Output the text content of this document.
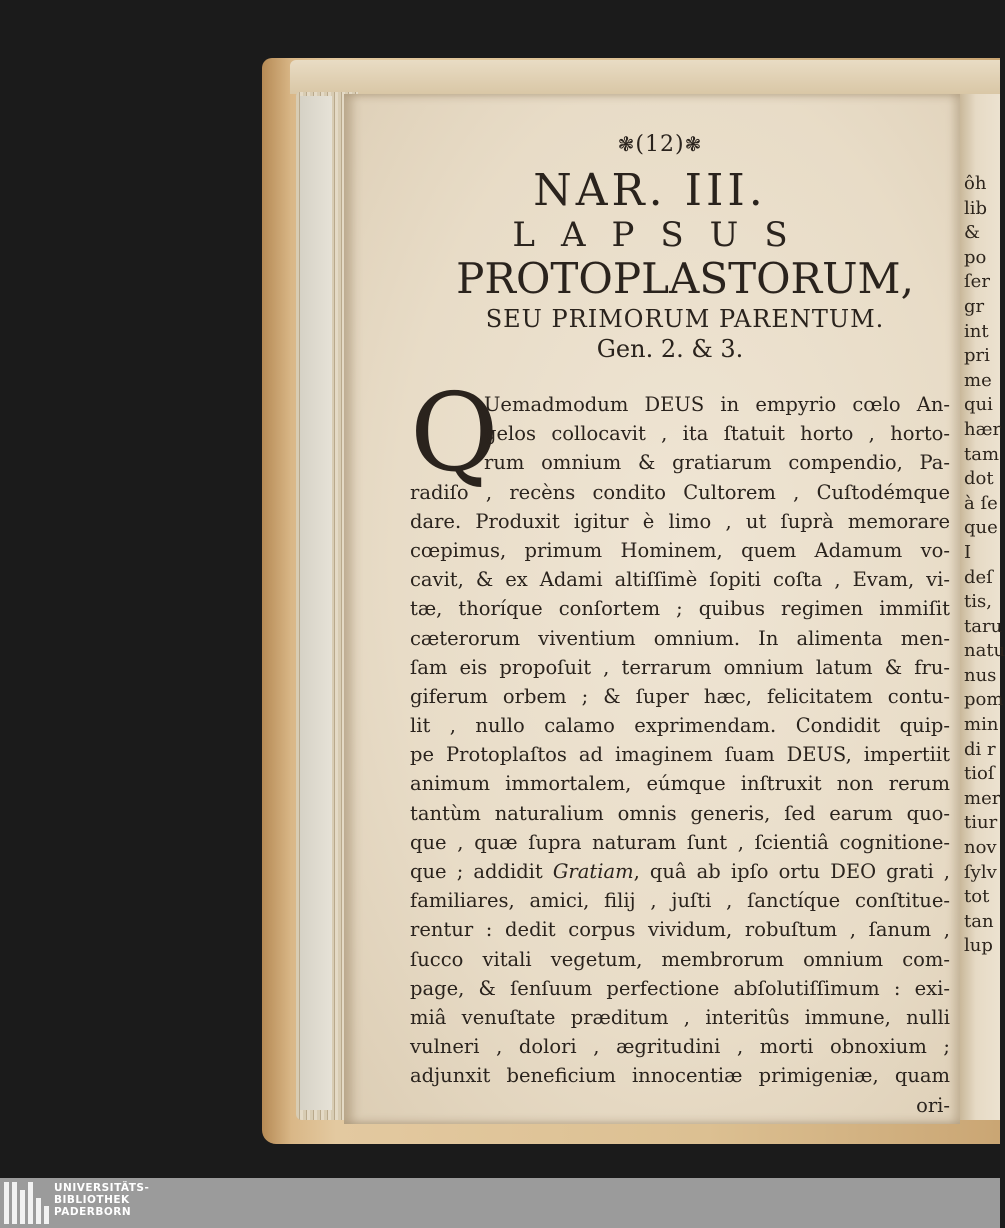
ôh
lib
&
po
ſer
gr
int
pri
me
qui
hær
tam
dot
à ſe
que
I
deſ
tis,
taru
natu
nus
pom
min
di r
tioſ
mer
tiur
nov
ſylv
tot
tan
lup
❃(12)❃
NAR. III.
LAPSUS
PROTOPLASTORUM,
SEU PRIMORUM PARENTUM.
Gen. 2. & 3.
Q
Uemadmodum DEUS in empyrio cœlo An-
gelos collocavit , ita ſtatuit horto , horto-
rum omnium & gratiarum compendio, Pa-
radiſo , recèns condito Cultorem , Cuſtodémque
dare. Produxit igitur è limo , ut ſuprà memorare
cœpimus, primum Hominem, quem Adamum vo-
cavit, & ex Adami altiſſimè ſopiti coſta , Evam, vi-
tæ, thoríque conſortem ; quibus regimen immiſit
cæterorum viventium omnium. In alimenta men-
ſam eis propoſuit , terrarum omnium latum & fru-
giferum orbem ; & ſuper hæc, felicitatem contu-
lit , nullo calamo exprimendam. Condidit quip-
pe Protoplaſtos ad imaginem ſuam DEUS, impertiit
animum immortalem, eúmque inſtruxit non rerum
tantùm naturalium omnis generis, ſed earum quo-
que , quæ ſupra naturam ſunt , ſcientiâ cognitione-
que ; addidit Gratiam, quâ ab ipſo ortu DEO grati ,
familiares, amici, filij , juſti , ſanctíque conſtitue-
rentur : dedit corpus vividum, robuſtum , ſanum ,
ſucco vitali vegetum, membrorum omnium com-
page, & ſenſuum perfectione abſolutiſſimum : exi-
miâ venuſtate præditum , interitûs immune, nulli
vulneri , dolori , ægritudini , morti obnoxium ;
adjunxit beneficium innocentiæ primigeniæ, quam
ori-
UNIVERSITÄTS-
BIBLIOTHEK
PADERBORN
